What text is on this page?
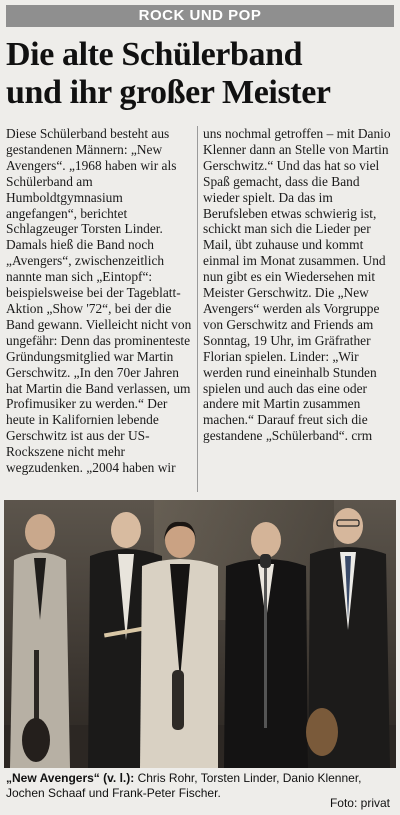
ROCK UND POP
Die alte Schülerband
und ihr großer Meister

Diese Schülerband besteht aus gestandenen Männern: „New Avengers“. „1968 haben wir als Schülerband am Humboldtgymnasium angefangen“, berichtet Schlagzeuger Torsten Linder. Damals hieß die Band noch „Avengers“, zwischenzeitlich nannte man sich „Eintopf“: beispielsweise bei der Tageblatt-Aktion „Show '72“, bei der die Band gewann. Vielleicht nicht von ungefähr: Denn das prominenteste Gründungsmitglied war Martin Gerschwitz. „In den 70er Jahren hat Martin die Band verlassen, um Profimusiker zu werden.“ Der heute in Kalifornien lebende Gerschwitz ist aus der US-Rockszene nicht mehr wegzudenken. „2004 haben wir

uns nochmal getroffen – mit Danio Klenner dann an Stelle von Martin Gerschwitz.“ Und das hat so viel Spaß gemacht, dass die Band wieder spielt. Da das im Berufsleben etwas schwierig ist, schickt man sich die Lieder per Mail, übt zuhause und kommt einmal im Monat zusammen. Und nun gibt es ein Wiedersehen mit Meister Gerschwitz. Die „New Avengers“ werden als Vorgruppe von Gerschwitz and Friends am Sonntag, 19 Uhr, im Gräfrather Florian spielen. Linder: „Wir werden rund eineinhalb Stunden spielen und auch das eine oder andere mit Martin zusammen machen.“ Darauf freut sich die gestandene „Schülerband“. crm

„New Avengers“ (v. l.): Chris Rohr, Torsten Linder, Danio Klenner, Jochen Schaaf und Frank-Peter Fischer.
Foto: privat
